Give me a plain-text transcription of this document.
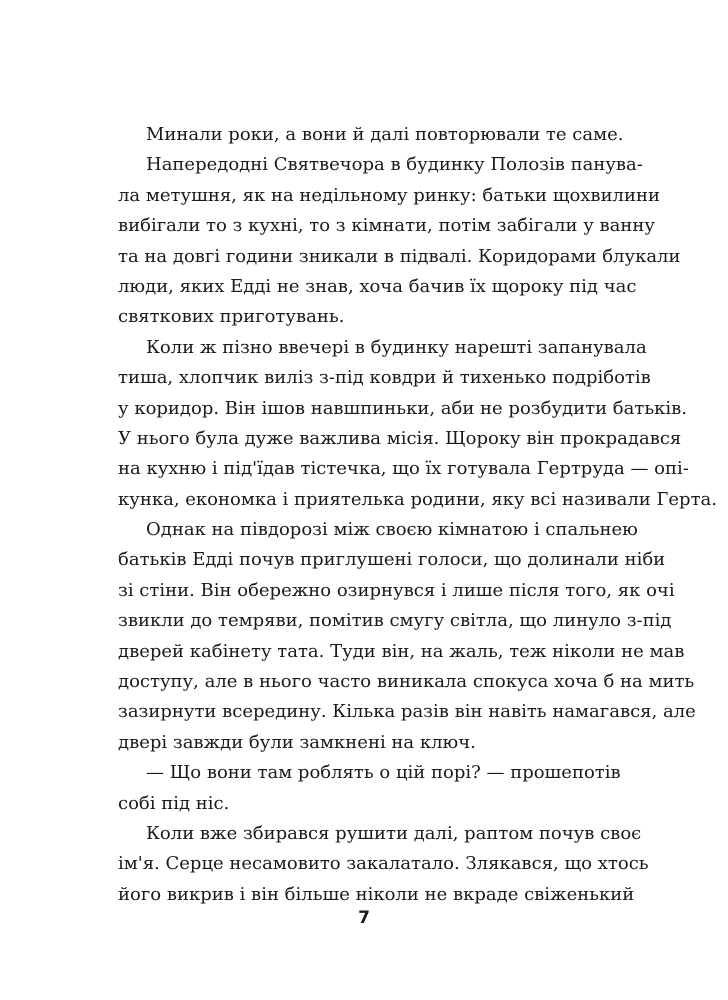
Минали роки, а вони й далі повторювали те саме.
Напередодні Святвечора в будинку Полозів панува-
ла метушня, як на недільному ринку: батьки щохвилини
вибігали то з кухні, то з кімнати, потім забігали у ванну
та на довгі години зникали в підвалі. Коридорами блукали
люди, яких Едді не знав, хоча бачив їх щороку під час
святкових приготувань.
Коли ж пізно ввечері в будинку нарешті запанувала
тиша, хлопчик виліз з-під ковдри й тихенько подріботів
у коридор. Він ішов навшпиньки, аби не розбудити батьків.
У нього була дуже важлива місія. Щороку він прокрадався
на кухню і під'їдав тістечка, що їх готувала Гертруда — опі-
кунка, економка і приятелька родини, яку всі називали Герта.
Однак на півдорозі між своєю кімнатою і спальнею
батьків Едді почув приглушені голоси, що долинали ніби
зі стіни. Він обережно озирнувся і лише після того, як очі
звикли до темряви, помітив смугу світла, що линуло з-під
дверей кабінету тата. Туди він, на жаль, теж ніколи не мав
доступу, але в нього часто виникала спокуса хоча б на мить
зазирнути всередину. Кілька разів він навіть намагався, але
двері завжди були замкнені на ключ.
— Що вони там роблять о цій порі? — прошепотів
собі під ніс.
Коли вже збирався рушити далі, раптом почув своє
ім'я. Серце несамовито закалатало. Злякався, що хтось
його викрив і він більше ніколи не вкраде свіженький
7
